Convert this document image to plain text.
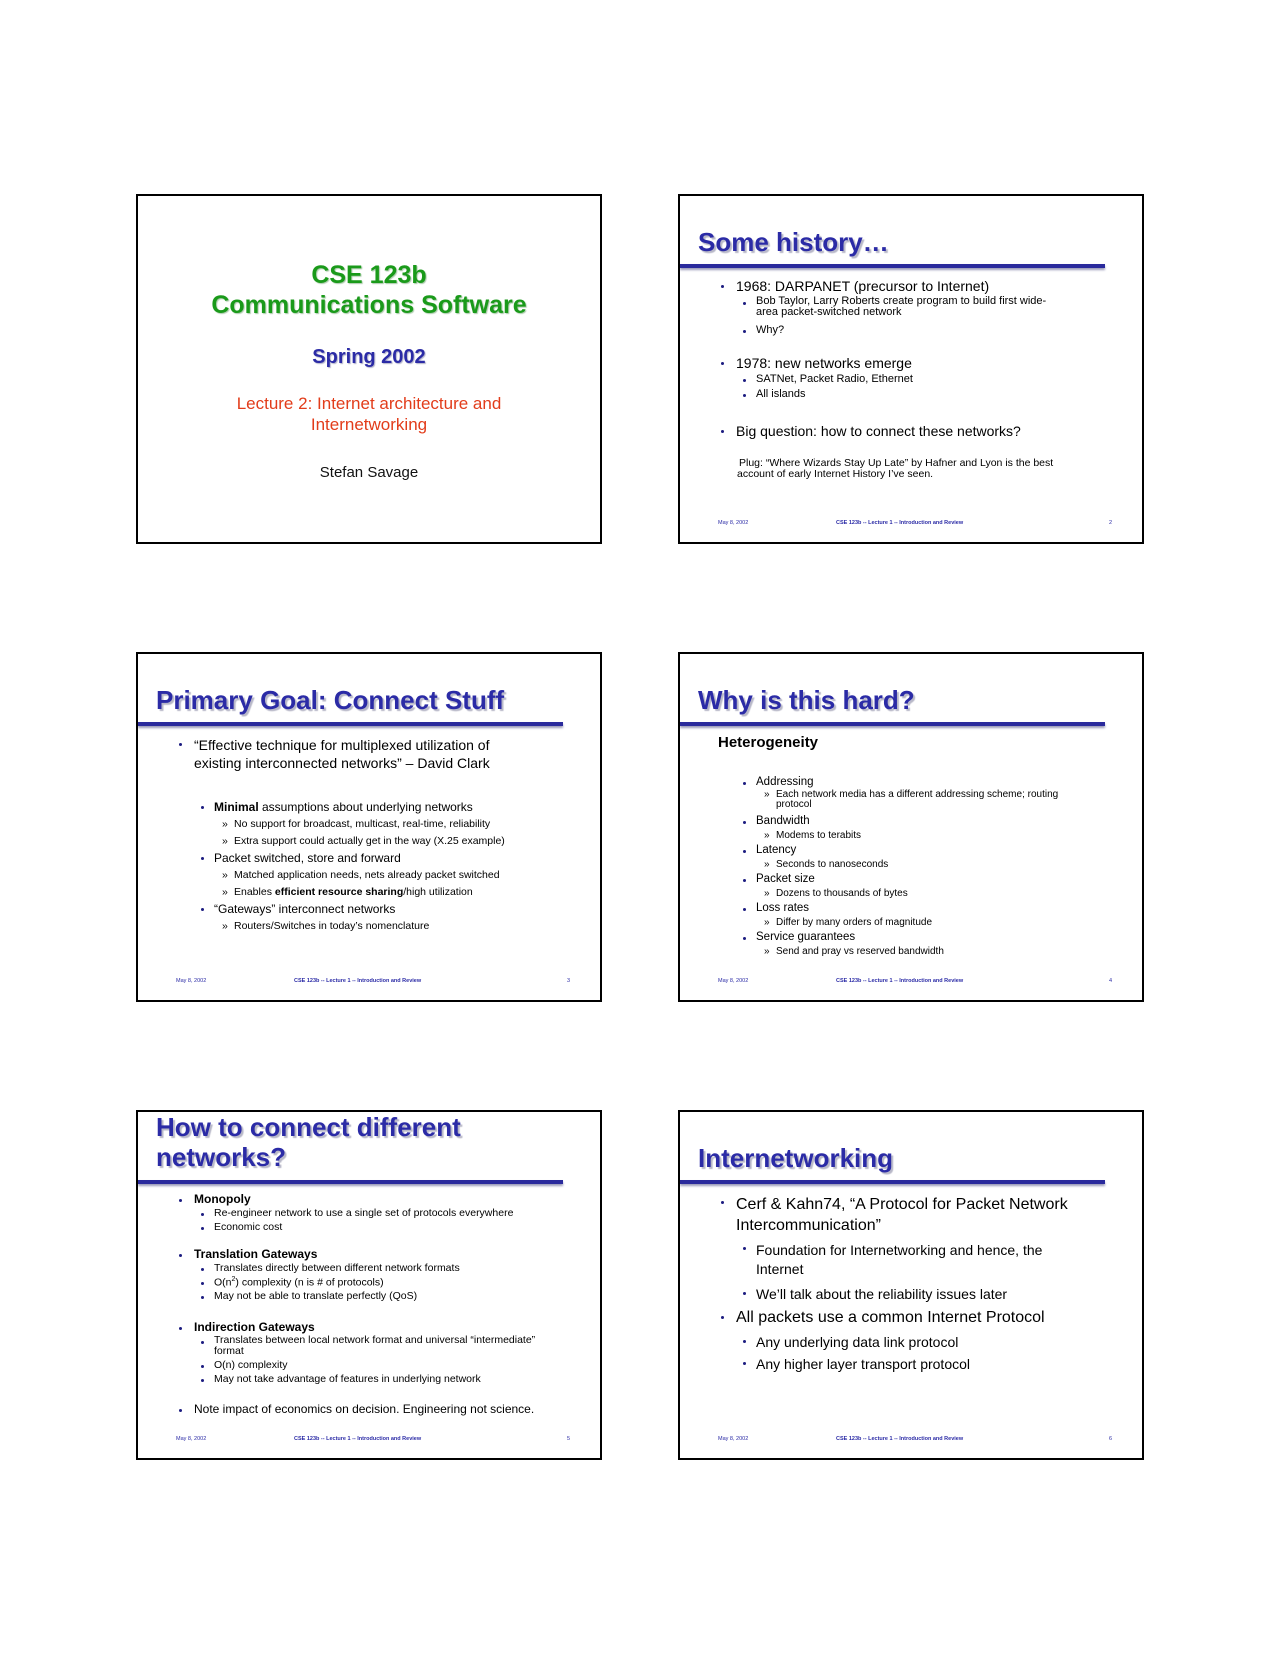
CSE 123b
Communications Software
Spring 2002
Lecture 2: Internet architecture and
Internetworking
Stefan Savage
Some history…
1968: DARPANET (precursor to Internet)
Bob Taylor, Larry Roberts create program to build first wide-
area packet-switched network
Why?
1978: new networks emerge
SATNet, Packet Radio, Ethernet
All islands
Big question: how to connect these networks?
Plug: “Where Wizards Stay Up Late” by Hafner and Lyon is the best
account of early Internet History I’ve seen.
May 8, 2002	CSE 123b -- Lecture 1 -- Introduction and Review	2
Primary Goal: Connect Stuff
“Effective technique for multiplexed utilization of
existing interconnected networks” – David Clark
Minimal assumptions about underlying networks
» No support for broadcast, multicast, real-time, reliability
» Extra support could actually get in the way (X.25 example)
Packet switched, store and forward
» Matched application needs, nets already packet switched
» Enables efficient resource sharing/high utilization
“Gateways” interconnect networks
» Routers/Switches in today’s nomenclature
May 8, 2002	CSE 123b -- Lecture 1 -- Introduction and Review	3
Why is this hard?
Heterogeneity
Addressing
» Each network media has a different addressing scheme; routing
protocol
Bandwidth
» Modems to terabits
Latency
» Seconds to nanoseconds
Packet size
» Dozens to thousands of bytes
Loss rates
» Differ by many orders of magnitude
Service guarantees
» Send and pray vs reserved bandwidth
May 8, 2002	CSE 123b -- Lecture 1 -- Introduction and Review	4
How to connect different
networks?
Monopoly
Re-engineer network to use a single set of protocols everywhere
Economic cost
Translation Gateways
Translates directly between different network formats
$O(n^2)$ complexity (n is # of protocols)
May not be able to translate perfectly (QoS)
Indirection Gateways
Translates between local network format and universal “intermediate”
format
O(n) complexity
May not take advantage of features in underlying network
Note impact of economics on decision. Engineering not science.
May 8, 2002	CSE 123b -- Lecture 1 -- Introduction and Review	5
Internetworking
Cerf & Kahn74, “A Protocol for Packet Network
Intercommunication”
Foundation for Internetworking and hence, the
Internet
We’ll talk about the reliability issues later
All packets use a common Internet Protocol
Any underlying data link protocol
Any higher layer transport protocol
May 8, 2002	CSE 123b -- Lecture 1 -- Introduction and Review	6
